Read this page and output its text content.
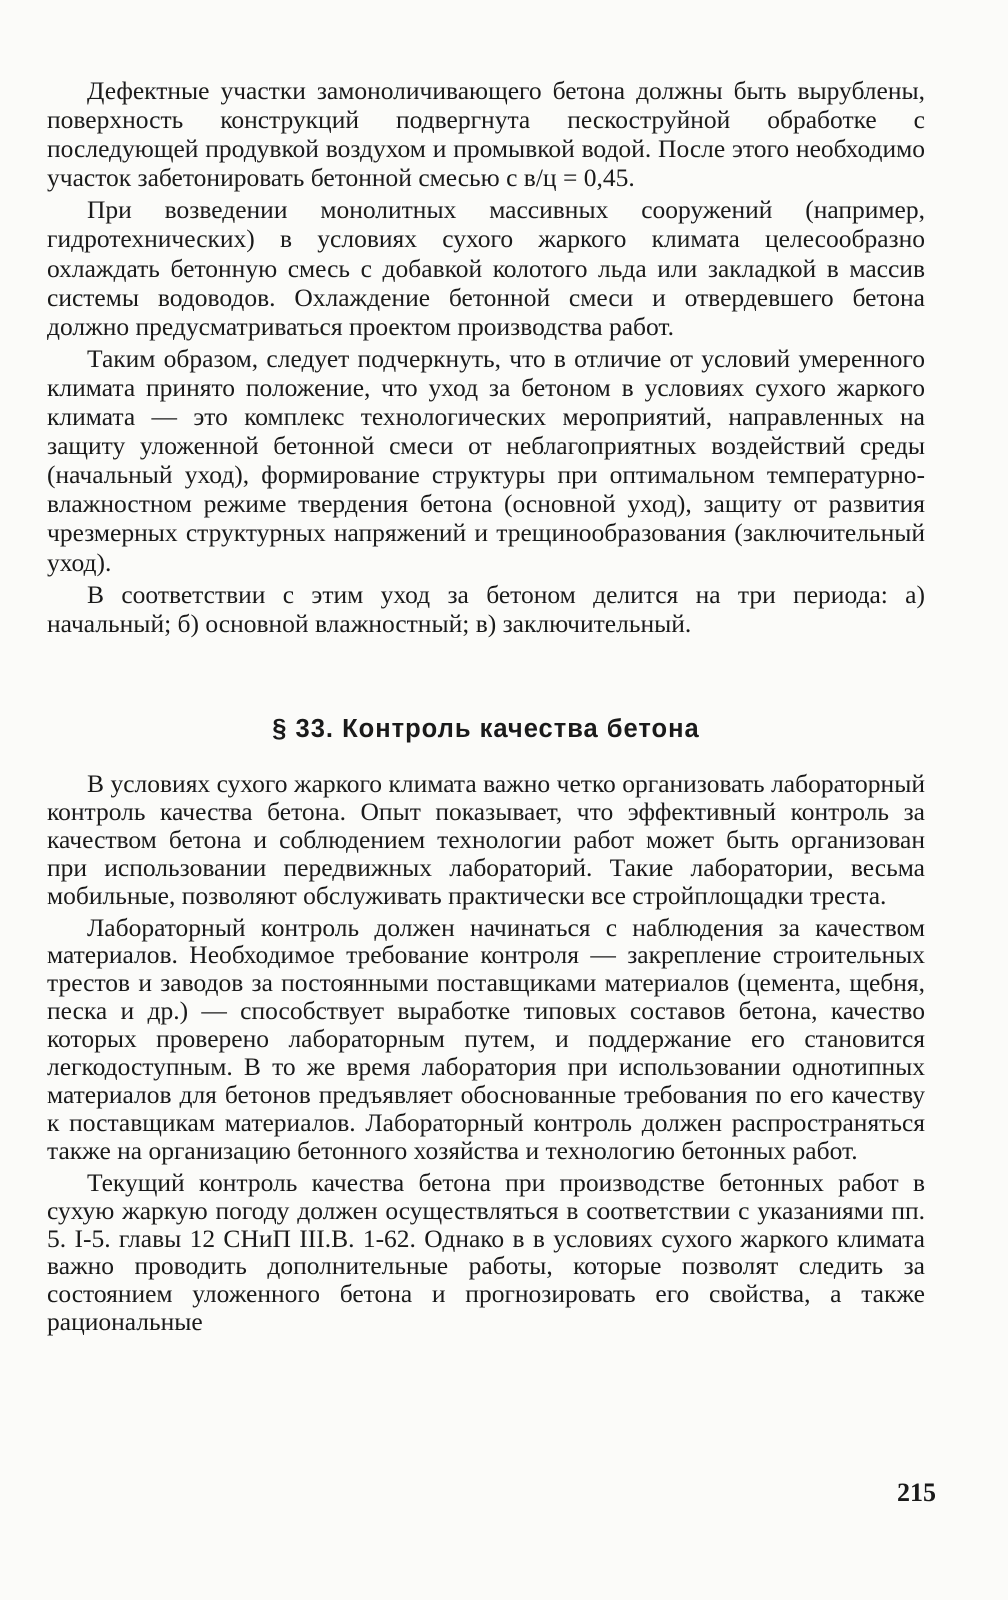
Дефектные участки замоноличивающего бетона должны быть вырублены, поверхность конструкций подвергнута пескоструйной обработке с последующей продувкой воздухом и промывкой водой. После этого необходимо участок забетонировать бетонной смесью с в/ц = 0,45.

При возведении монолитных массивных сооружений (например, гидротехнических) в условиях сухого жаркого климата целесообразно охлаждать бетонную смесь с добавкой колотого льда или закладкой в массив системы водоводов. Охлаждение бетонной смеси и отвердевшего бетона должно предусматриваться проектом производства работ.

Таким образом, следует подчеркнуть, что в отличие от условий умеренного климата принято положение, что уход за бетоном в условиях сухого жаркого климата — это комплекс технологических мероприятий, направленных на защиту уложенной бетонной смеси от неблагоприятных воздействий среды (начальный уход), формирование структуры при оптимальном температурно-влажностном режиме твердения бетона (основной уход), защиту от развития чрезмерных структурных напряжений и трещинообразования (заключительный уход).

В соответствии с этим уход за бетоном делится на три периода: а) начальный; б) основной влажностный; в) заключительный.

§ 33. Контроль качества бетона

В условиях сухого жаркого климата важно четко организовать лабораторный контроль качества бетона. Опыт показывает, что эффективный контроль за качеством бетона и соблюдением технологии работ может быть организован при использовании передвижных лабораторий. Такие лаборатории, весьма мобильные, позволяют обслуживать практически все стройплощадки треста.

Лабораторный контроль должен начинаться с наблюдения за качеством материалов. Необходимое требование контроля — закрепление строительных трестов и заводов за постоянными поставщиками материалов (цемента, щебня, песка и др.) — способствует выработке типовых составов бетона, качество которых проверено лабораторным путем, и поддержание его становится легкодоступным. В то же время лаборатория при использовании однотипных материалов для бетонов предъявляет обоснованные требования по его качеству к поставщикам материалов. Лабораторный контроль должен распространяться также на организацию бетонного хозяйства и технологию бетонных работ.

Текущий контроль качества бетона при производстве бетонных работ в сухую жаркую погоду должен осуществляться в соответствии с указаниями пп. 5. I-5. главы 12 СНиП III.B. 1-62. Однако в в условиях сухого жаркого климата важно проводить дополнительные работы, которые позволят следить за состоянием уложенного бетона и прогнозировать его свойства, а также рациональные

215
